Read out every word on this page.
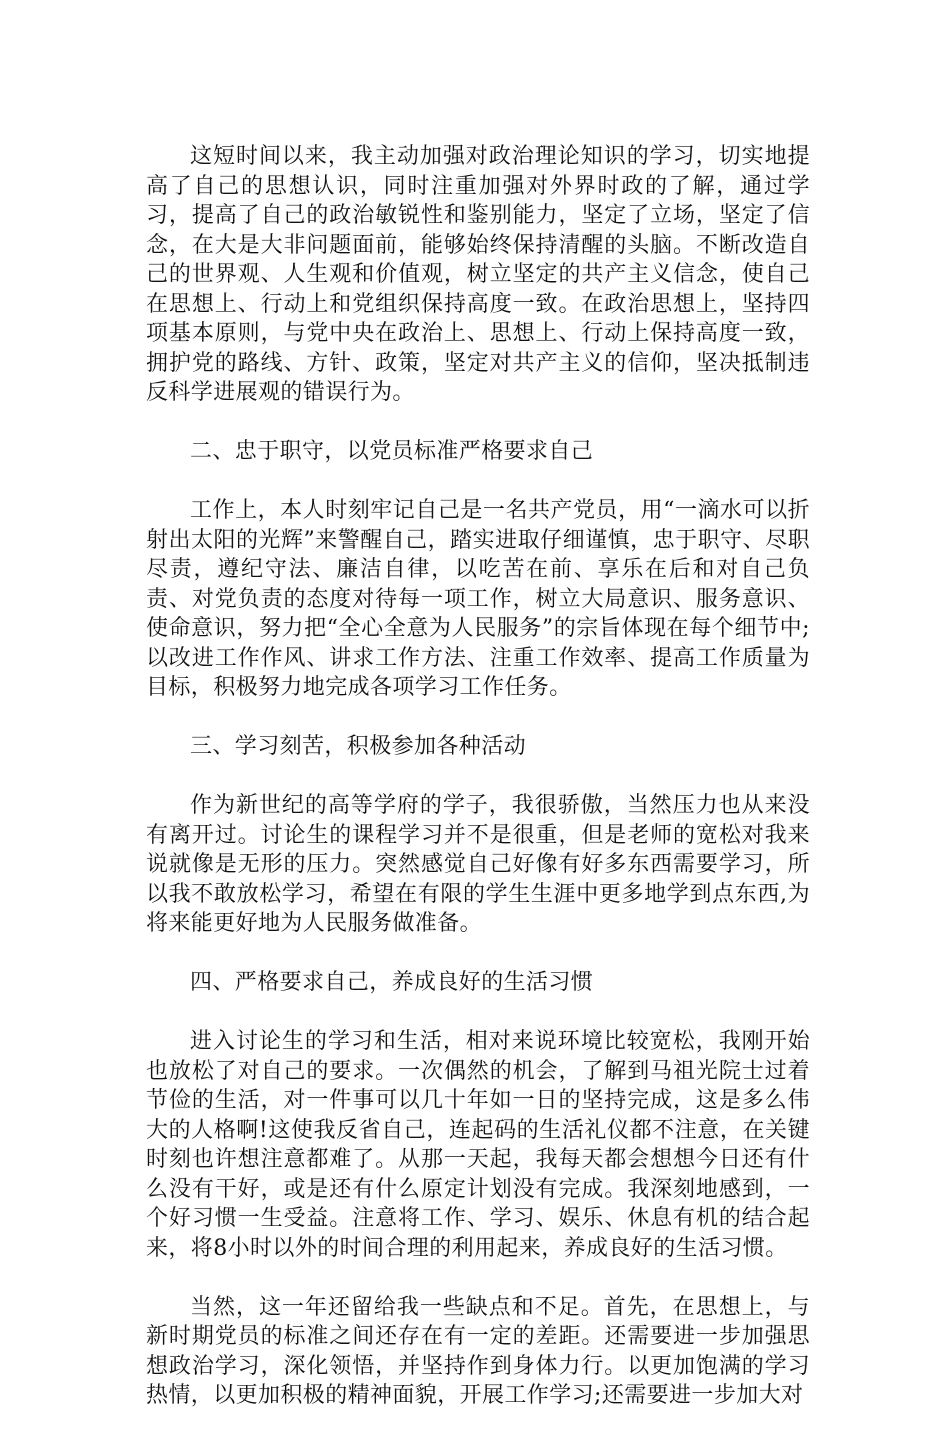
这短时间以来，我主动加强对政治理论知识的学习，切实地提高了自己的思想认识，同时注重加强对外界时政的了解，通过学习，提高了自己的政治敏锐性和鉴别能力，坚定了立场，坚定了信念，在大是大非问题面前，能够始终保持清醒的头脑。不断改造自己的世界观、人生观和价值观，树立坚定的共产主义信念，使自己在思想上、行动上和党组织保持高度一致。在政治思想上，坚持四项基本原则，与党中央在政治上、思想上、行动上保持高度一致，拥护党的路线、方针、政策，坚定对共产主义的信仰，坚决抵制违反科学进展观的错误行为。

二、忠于职守，以党员标准严格要求自己

工作上，本人时刻牢记自己是一名共产党员，用“一滴水可以折射出太阳的光辉”来警醒自己，踏实进取仔细谨慎，忠于职守、尽职尽责，遵纪守法、廉洁自律，以吃苦在前、享乐在后和对自己负责、对党负责的态度对待每一项工作，树立大局意识、服务意识、使命意识，努力把“全心全意为人民服务”的宗旨体现在每个细节中;以改进工作作风、讲求工作方法、注重工作效率、提高工作质量为目标，积极努力地完成各项学习工作任务。

三、学习刻苦，积极参加各种活动

作为新世纪的高等学府的学子，我很骄傲，当然压力也从来没有离开过。讨论生的课程学习并不是很重，但是老师的宽松对我来说就像是无形的压力。突然感觉自己好像有好多东西需要学习，所以我不敢放松学习，希望在有限的学生生涯中更多地学到点东西,为将来能更好地为人民服务做准备。

四、严格要求自己，养成良好的生活习惯

进入讨论生的学习和生活，相对来说环境比较宽松，我刚开始也放松了对自己的要求。一次偶然的机会，了解到马祖光院士过着节俭的生活，对一件事可以几十年如一日的坚持完成，这是多么伟大的人格啊!这使我反省自己，连起码的生活礼仪都不注意，在关键时刻也许想注意都难了。从那一天起，我每天都会想想今日还有什么没有干好，或是还有什么原定计划没有完成。我深刻地感到，一个好习惯一生受益。注意将工作、学习、娱乐、休息有机的结合起来，将8小时以外的时间合理的利用起来，养成良好的生活习惯。

当然，这一年还留给我一些缺点和不足。首先，在思想上，与新时期党员的标准之间还存在有一定的差距。还需要进一步加强思想政治学习，深化领悟，并坚持作到身体力行。以更加饱满的学习热情，以更加积极的精神面貌，开展工作学习;还需要进一步加大对
